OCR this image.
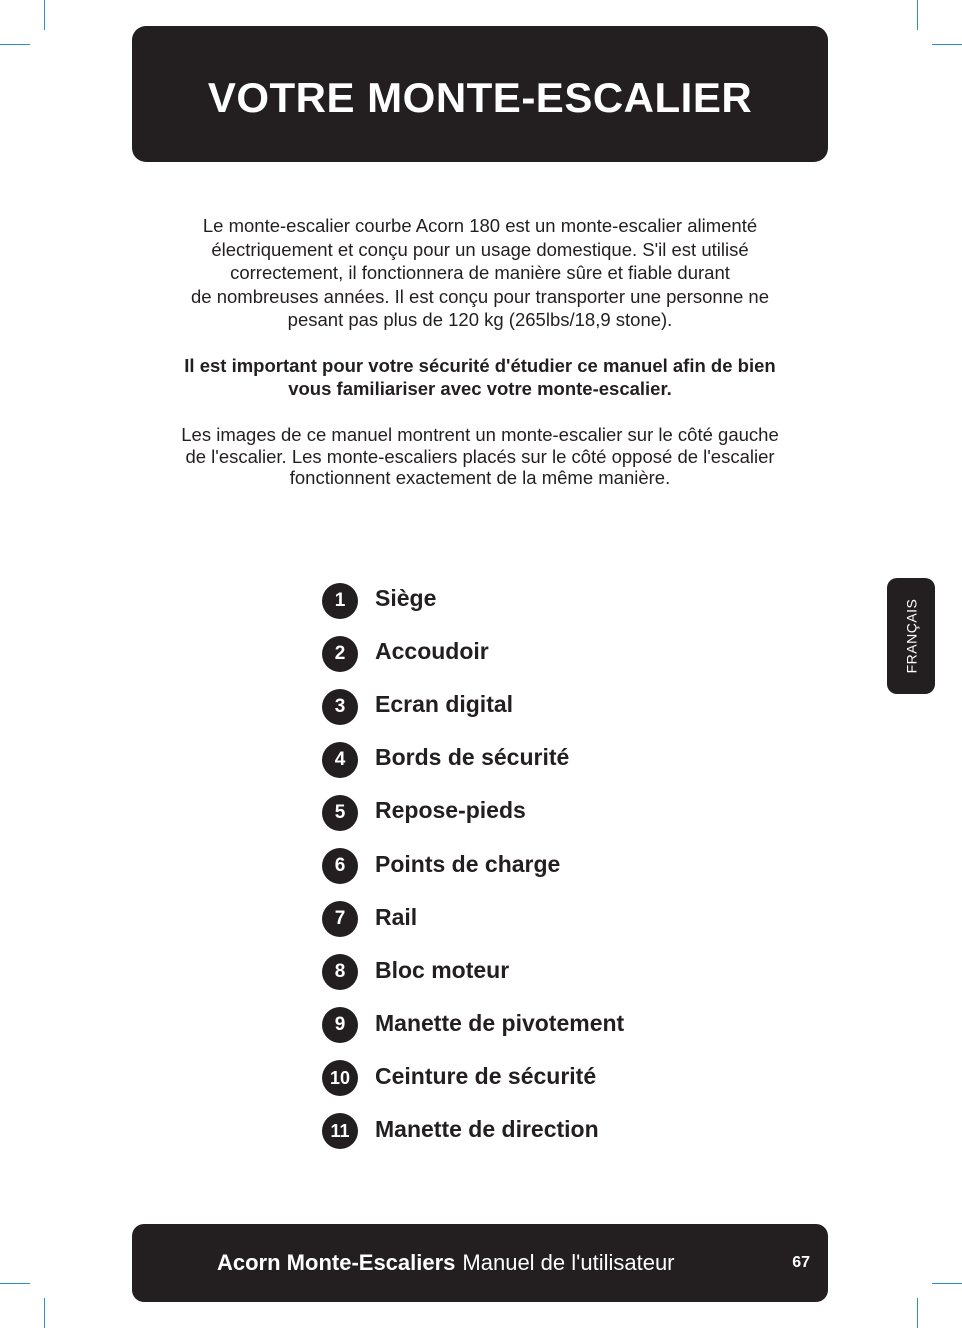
VOTRE MONTE-ESCALIER

Le monte-escalier courbe Acorn 180 est un monte-escalier alimenté
électriquement et conçu pour un usage domestique. S'il est utilisé
correctement, il fonctionnera de manière sûre et fiable durant
de nombreuses années. Il est conçu pour transporter une personne ne
pesant pas plus de 120 kg (265lbs/18,9 stone).

Il est important pour votre sécurité d'étudier ce manuel afin de bien
vous familiariser avec votre monte-escalier.

Les images de ce manuel montrent un monte-escalier sur le côté gauche
de l'escalier. Les monte-escaliers placés sur le côté opposé de l'escalier
fonctionnent exactement de la même manière.

1	Siège
2	Accoudoir
3	Ecran digital
4	Bords de sécurité
5	Repose-pieds
6	Points de charge
7	Rail
8	Bloc moteur
9	Manette de pivotement
10	Ceinture de sécurité
11	Manette de direction
FRANÇAIS
Acorn Monte-Escaliers Manuel de l'utilisateur	67
